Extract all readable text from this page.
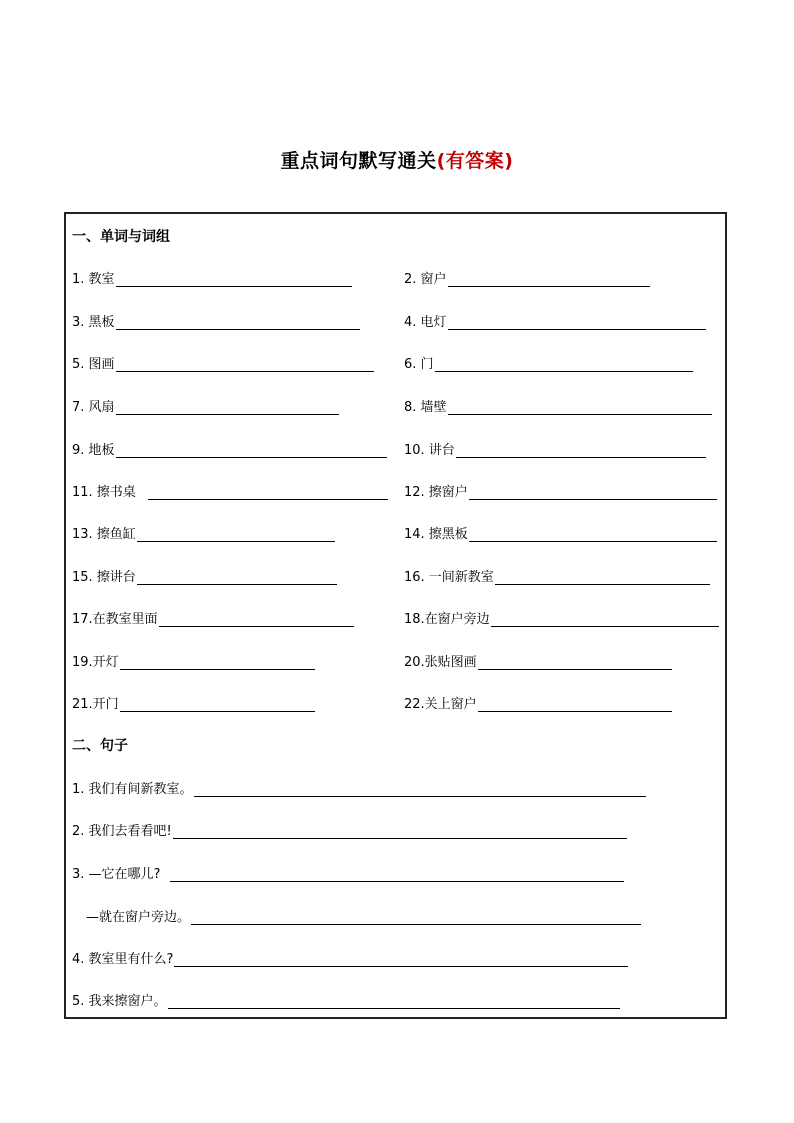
重点词句默写通关(有答案)
一、单词与词组
1. 教室
3. 黑板
5. 图画
7. 风扇
9. 地板
11. 擦书桌
13. 擦鱼缸
15. 擦讲台
17.在教室里面
19.开灯
21.开门
2. 窗户
4. 电灯
6. 门
8. 墙壁
10. 讲台
12. 擦窗户
14. 擦黑板
16. 一间新教室
18.在窗户旁边
20.张贴图画
22.关上窗户
二、句子
1. 我们有间新教室。
2. 我们去看看吧!
3. —它在哪儿?
—就在窗户旁边。
4. 教室里有什么?
5. 我来擦窗户。
